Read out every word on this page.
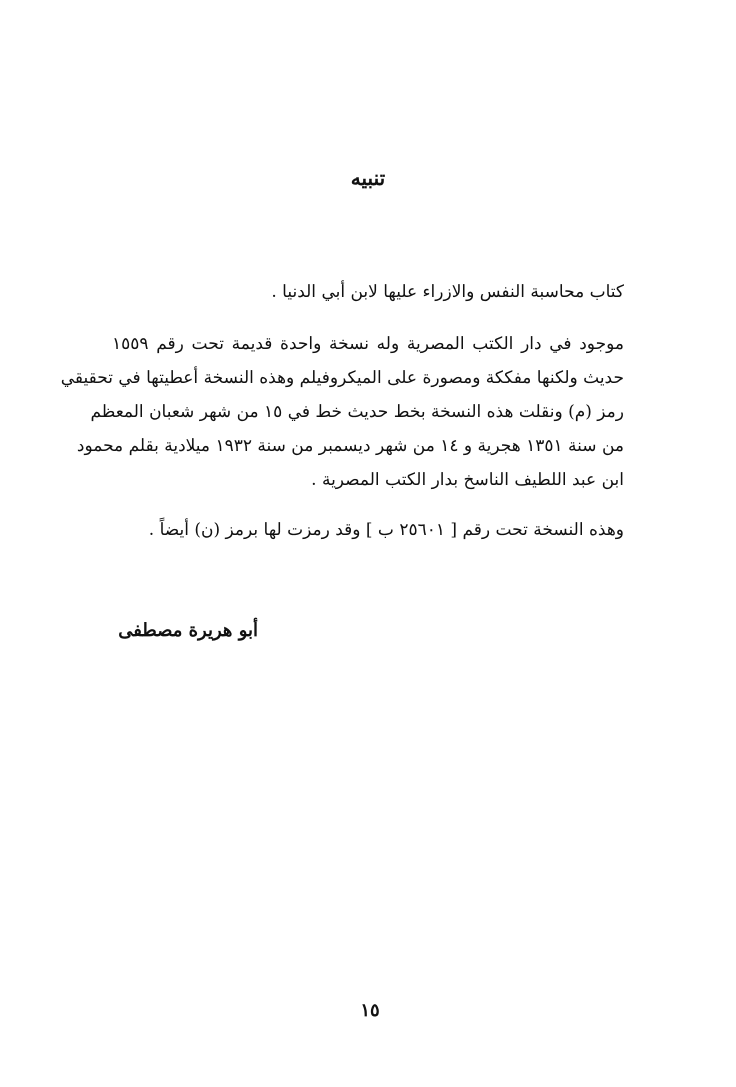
تنبيه
كتاب محاسبة النفس والازراء عليها لابن أبي الدنيا .
موجود في دار الكتب المصرية وله نسخة واحدة قديمة تحت رقم ١٥٥٩
حديث ولكنها مفككة ومصورة على الميكروفيلم وهذه النسخة أعطيتها في تحقيقي
رمز (م) ونقلت هذه النسخة بخط حديث خط في ١٥ من شهر شعبان المعظم
من سنة ١٣٥١ هجرية و ١٤ من شهر ديسمبر من سنة ١٩٣٢ ميلادية بقلم محمود
ابن عبد اللطيف الناسخ بدار الكتب المصرية .
وهذه النسخة تحت رقم [ ٢٥٦٠١ ب ] وقد رمزت لها برمز (ن) أيضاً .
أبو هريرة مصطفى
١٥
